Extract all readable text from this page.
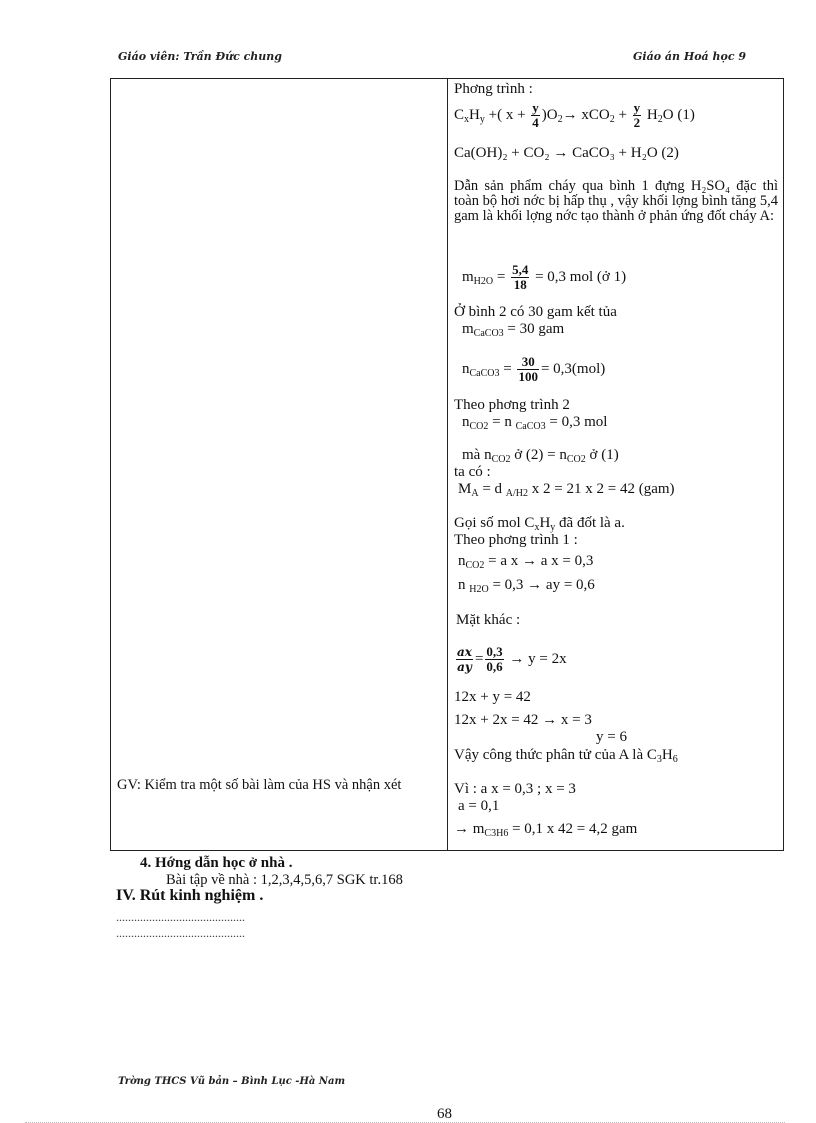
Giáo viên: Trần Đức chung	Giáo án Hoá học 9
GV: Kiểm tra một số bài làm của HS và nhận xét
Phơng trình :
$C_xH_y$ +( $x + \frac{y}{4} )O_2\to xCO_2 + \frac{y}{2} H_2O$ (1)
Ca(OH)₂ + CO₂ → CaCO₃ + H₂O (2)
Dẫn sản phẩm cháy qua bình 1 đựng H₂SO₄ đặc thì toàn bộ hơi nớc bị hấp thụ , vậy khối lợng bình tăng 5,4 gam là khối lợng nớc tạo thành ở phản ứng đốt cháy A:
$m_{H2O} = \frac{5,4}{18} = 0,3$ mol (ở 1)
Ở bình 2 có 30 gam kết tủa
$m_{CaCO3} = 30$ gam
$n_{CaCO3} = \frac{30}{100} = 0,3(mol)$
Theo phơng trình 2
$n_{CO2} = n$ $_{CaCO3}$ = 0,3 mol
mà $n_{CO2}$ ở $(2) = n_{CO2}$ ở (1)
ta có :
$M_A = d$ $_{A/H2}$ x 2 = 21 x 2 = 42 (gam)
Gọi số mol $C_xH_y$ đã đốt là a.
Theo phơng trình 1 :
$n_{CO2} = a$ x → a x = 0,3
n $_{H2O}$ = 0,3 → ay = 0,6
Mặt khác :
$\frac{ax}{ay} = \frac{0,3}{0,6} \to y = 2x$
12x + y = 42
12x + 2x = 42 → x = 3
y = 6
Vậy công thức phân tử của A là $C_3H_6$
Vì : a x = 0,3 ; x = 3
a = 0,1
→ $m_{C3H6} = 0,1$ x 42 = 4,2 gam
4. Hớng dẫn học ở nhà .
Bài tập về nhà : 1,2,3,4,5,6,7 SGK tr.168
IV. Rút kinh nghiệm .
...........................................
...........................................
Trờng THCS Vũ bản – Bình Lục -Hà Nam
68
